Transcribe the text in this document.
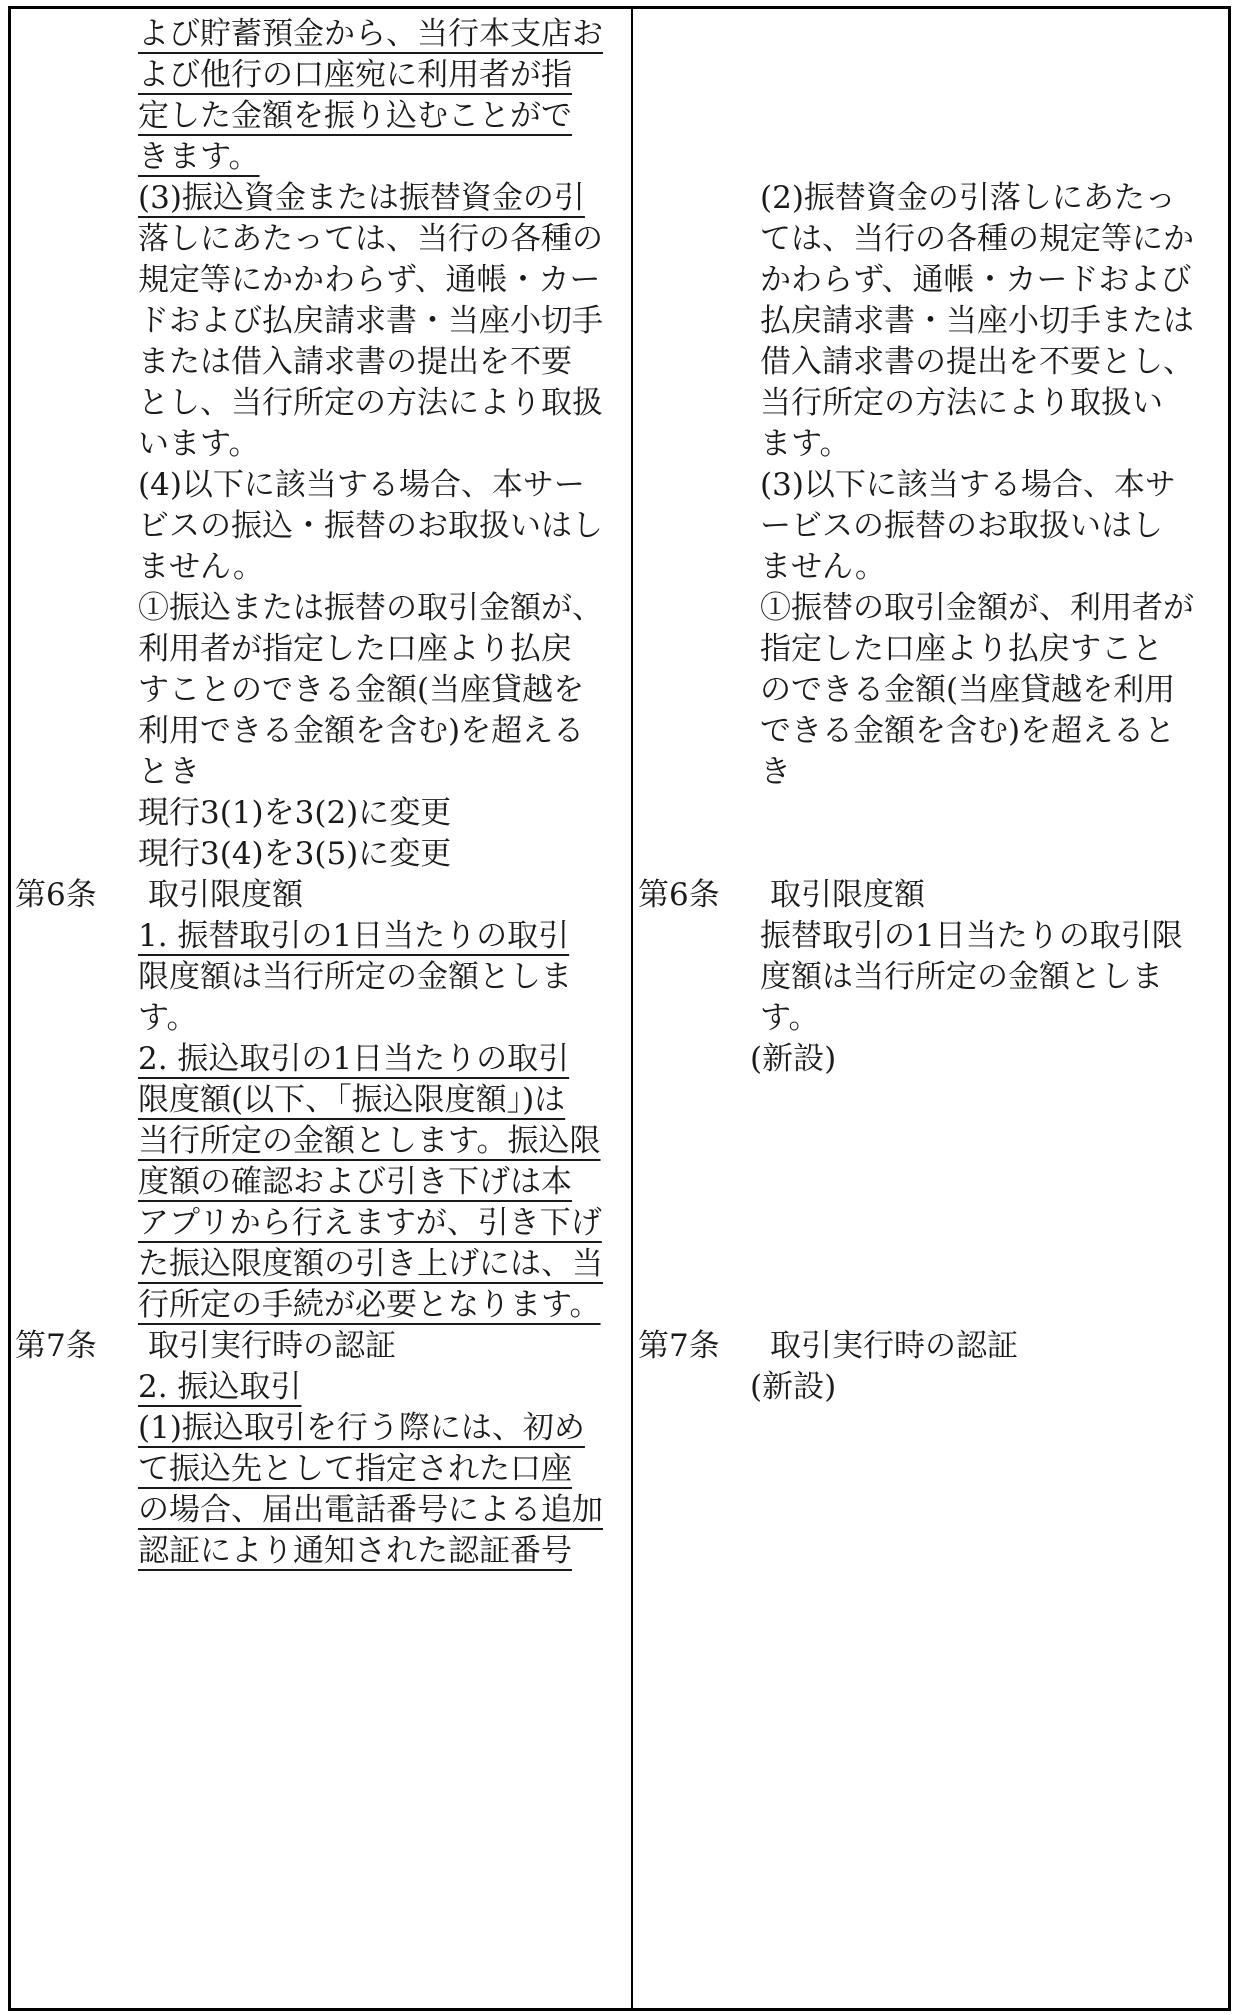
よび貯蓄預金から、当行本支店お
よび他行の口座宛に利用者が指
定した金額を振り込むことがで
きます。
(3)振込資金または振替資金の引
落しにあたっては、当行の各種の
規定等にかかわらず、通帳・カー
ドおよび払戻請求書・当座小切手
または借入請求書の提出を不要
とし、当行所定の方法により取扱
います。
(4)以下に該当する場合、本サー
ビスの振込・振替のお取扱いはし
ません。
①振込または振替の取引金額が、
利用者が指定した口座より払戻
すことのできる金額(当座貸越を
利用できる金額を含む)を超える
とき
現行3(1)を3(2)に変更
現行3(4)を3(5)に変更
第6条 取引限度額
1. 振替取引の1日当たりの取引
限度額は当行所定の金額としま
す。
2. 振込取引の1日当たりの取引
限度額(以下、「振込限度額」)は
当行所定の金額とします。振込限
度額の確認および引き下げは本
アプリから行えますが、引き下げ
た振込限度額の引き上げには、当
行所定の手続が必要となります。
第7条 取引実行時の認証
2. 振込取引
(1)振込取引を行う際には、初め
て振込先として指定された口座
の場合、届出電話番号による追加
認証により通知された認証番号
(2)振替資金の引落しにあたっ
ては、当行の各種の規定等にか
かわらず、通帳・カードおよび
払戻請求書・当座小切手または
借入請求書の提出を不要とし、
当行所定の方法により取扱い
ます。
(3)以下に該当する場合、本サ
ービスの振替のお取扱いはし
ません。
①振替の取引金額が、利用者が
指定した口座より払戻すこと
のできる金額(当座貸越を利用
できる金額を含む)を超えると
き
第6条 取引限度額
振替取引の1日当たりの取引限
度額は当行所定の金額としま
す。
(新設)
第7条 取引実行時の認証
(新設)
